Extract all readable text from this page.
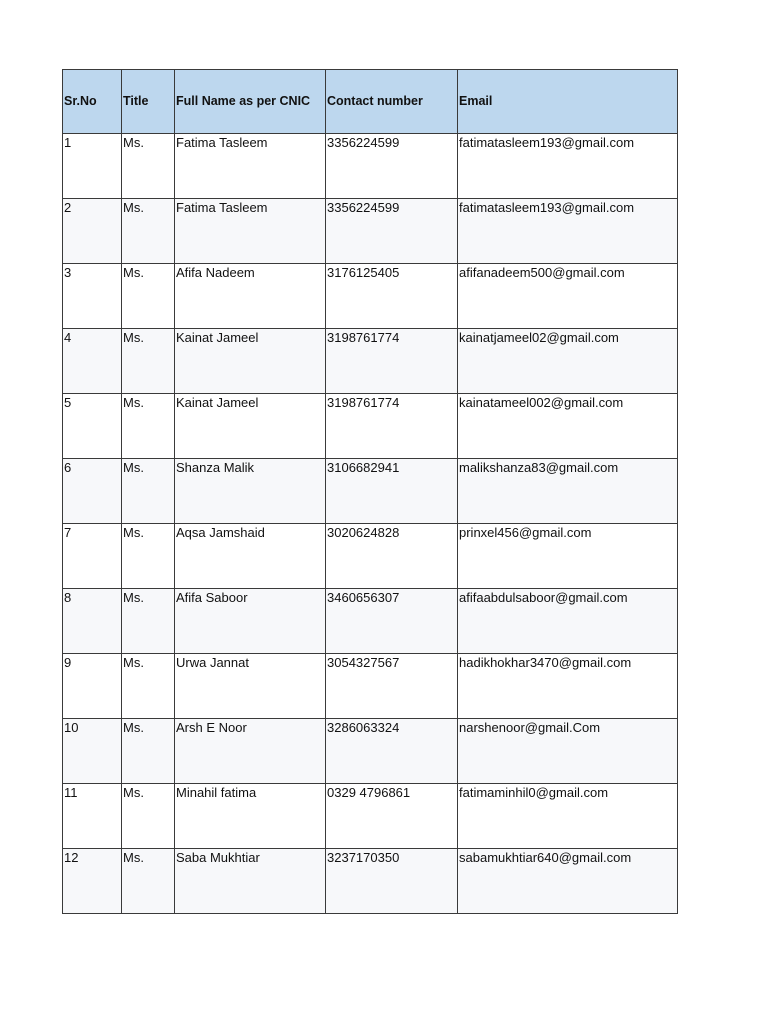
Sr.No	Title	Full Name as per CNIC	Contact number	Email
1	Ms.	Fatima Tasleem	3356224599	fatimatasleem193@gmail.com
2	Ms.	Fatima Tasleem	3356224599	fatimatasleem193@gmail.com
3	Ms.	Afifa Nadeem	3176125405	afifanadeem500@gmail.com
4	Ms.	Kainat Jameel	3198761774	kainatjameel02@gmail.com
5	Ms.	Kainat Jameel	3198761774	kainatameel002@gmail.com
6	Ms.	Shanza Malik	3106682941	malikshanza83@gmail.com
7	Ms.	Aqsa Jamshaid	3020624828	prinxel456@gmail.com
8	Ms.	Afifa Saboor	3460656307	afifaabdulsaboor@gmail.com
9	Ms.	Urwa Jannat	3054327567	hadikhokhar3470@gmail.com
10	Ms.	Arsh E Noor	3286063324	narshenoor@gmail.Com
11	Ms.	Minahil fatima	0329 4796861	fatimaminhil0@gmail.com
12	Ms.	Saba Mukhtiar	3237170350	sabamukhtiar640@gmail.com
